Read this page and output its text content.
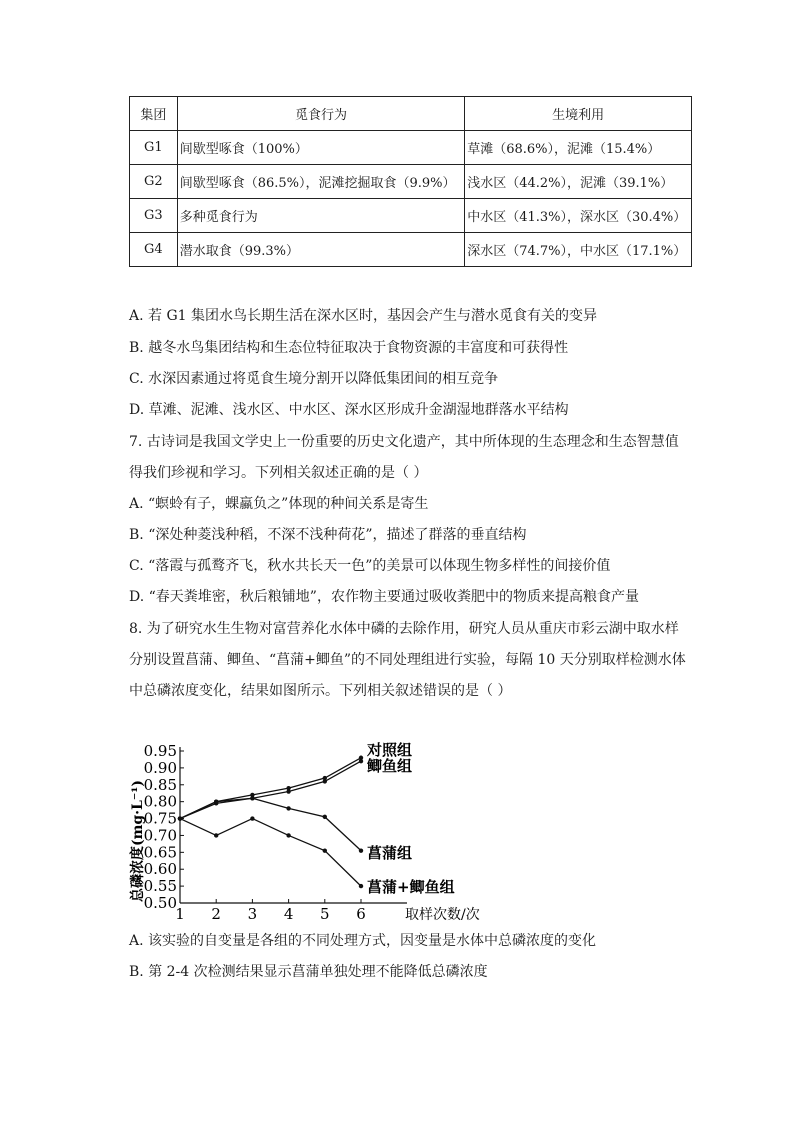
集团	觅食行为	生境利用
G1	间歇型啄食（100%）	草滩（68.6%），泥滩（15.4%）
G2	间歇型啄食（86.5%），泥滩挖掘取食（9.9%）	浅水区（44.2%），泥滩（39.1%）
G3	多种觅食行为	中水区（41.3%），深水区（30.4%）
G4	潜水取食（99.3%）	深水区（74.7%），中水区（17.1%）
A. 若 G1 集团水鸟长期生活在深水区时，基因会产生与潜水觅食有关的变异
B. 越冬水鸟集团结构和生态位特征取决于食物资源的丰富度和可获得性
C. 水深因素通过将觅食生境分割开以降低集团间的相互竞争
D. 草滩、泥滩、浅水区、中水区、深水区形成升金湖湿地群落水平结构
7. 古诗词是我国文学史上一份重要的历史文化遗产，其中所体现的生态理念和生态智慧值
得我们珍视和学习。下列相关叙述正确的是（ ）
A. “螟蛉有子，蜾蠃负之”体现的种间关系是寄生
B. “深处种菱浅种稻，不深不浅种荷花”，描述了群落的垂直结构
C. “落霞与孤鹜齐飞，秋水共长天一色”的美景可以体现生物多样性的间接价值
D. “春天粪堆密，秋后粮铺地”，农作物主要通过吸收粪肥中的物质来提高粮食产量
8. 为了研究水生生物对富营养化水体中磷的去除作用，研究人员从重庆市彩云湖中取水样
分别设置菖蒲、鲫鱼、“菖蒲+鲫鱼”的不同处理组进行实验，每隔 10 天分别取样检测水体
中总磷浓度变化，结果如图所示。下列相关叙述错误的是（ ）
0.50
0.55
0.60
0.65
0.70
0.75
0.80
0.85
0.90
0.95
1 2 3 4 5 6	取样次数/次
总磷浓度(mg·L⁻¹)
对照组
鲫鱼组
菖蒲组
菖蒲+鲫鱼组
A. 该实验的自变量是各组的不同处理方式，因变量是水体中总磷浓度的变化
B. 第 2-4 次检测结果显示菖蒲单独处理不能降低总磷浓度
